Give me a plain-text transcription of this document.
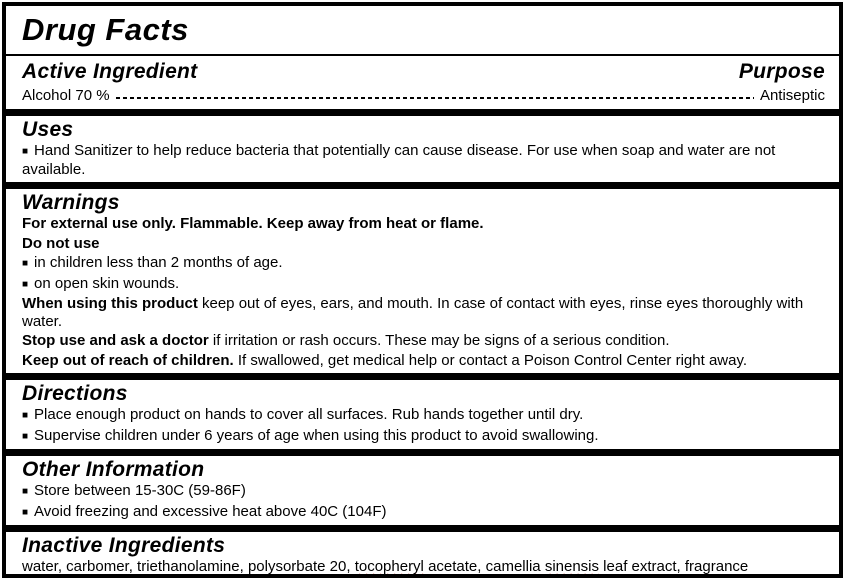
Drug Facts
Active Ingredient	Purpose
Alcohol 70 %	Antiseptic
Uses

■ Hand Sanitizer to help reduce bacteria that potentially can cause disease. For use when soap and water are not available.

Warnings

For external use only. Flammable. Keep away from heat or flame.

Do not use

■ in children less than 2 months of age.

■ on open skin wounds.

When using this product keep out of eyes, ears, and mouth. In case of contact with eyes, rinse eyes thoroughly with water.

Stop use and ask a doctor if irritation or rash occurs. These may be signs of a serious condition.

Keep out of reach of children. If swallowed, get medical help or contact a Poison Control Center right away.

Directions

■ Place enough product on hands to cover all surfaces. Rub hands together until dry.

■ Supervise children under 6 years of age when using this product to avoid swallowing.

Other Information

■ Store between 15-30C (59-86F)

■ Avoid freezing and excessive heat above 40C (104F)

Inactive Ingredients

water, carbomer, triethanolamine, polysorbate 20, tocopheryl acetate, camellia sinensis leaf extract, fragrance
